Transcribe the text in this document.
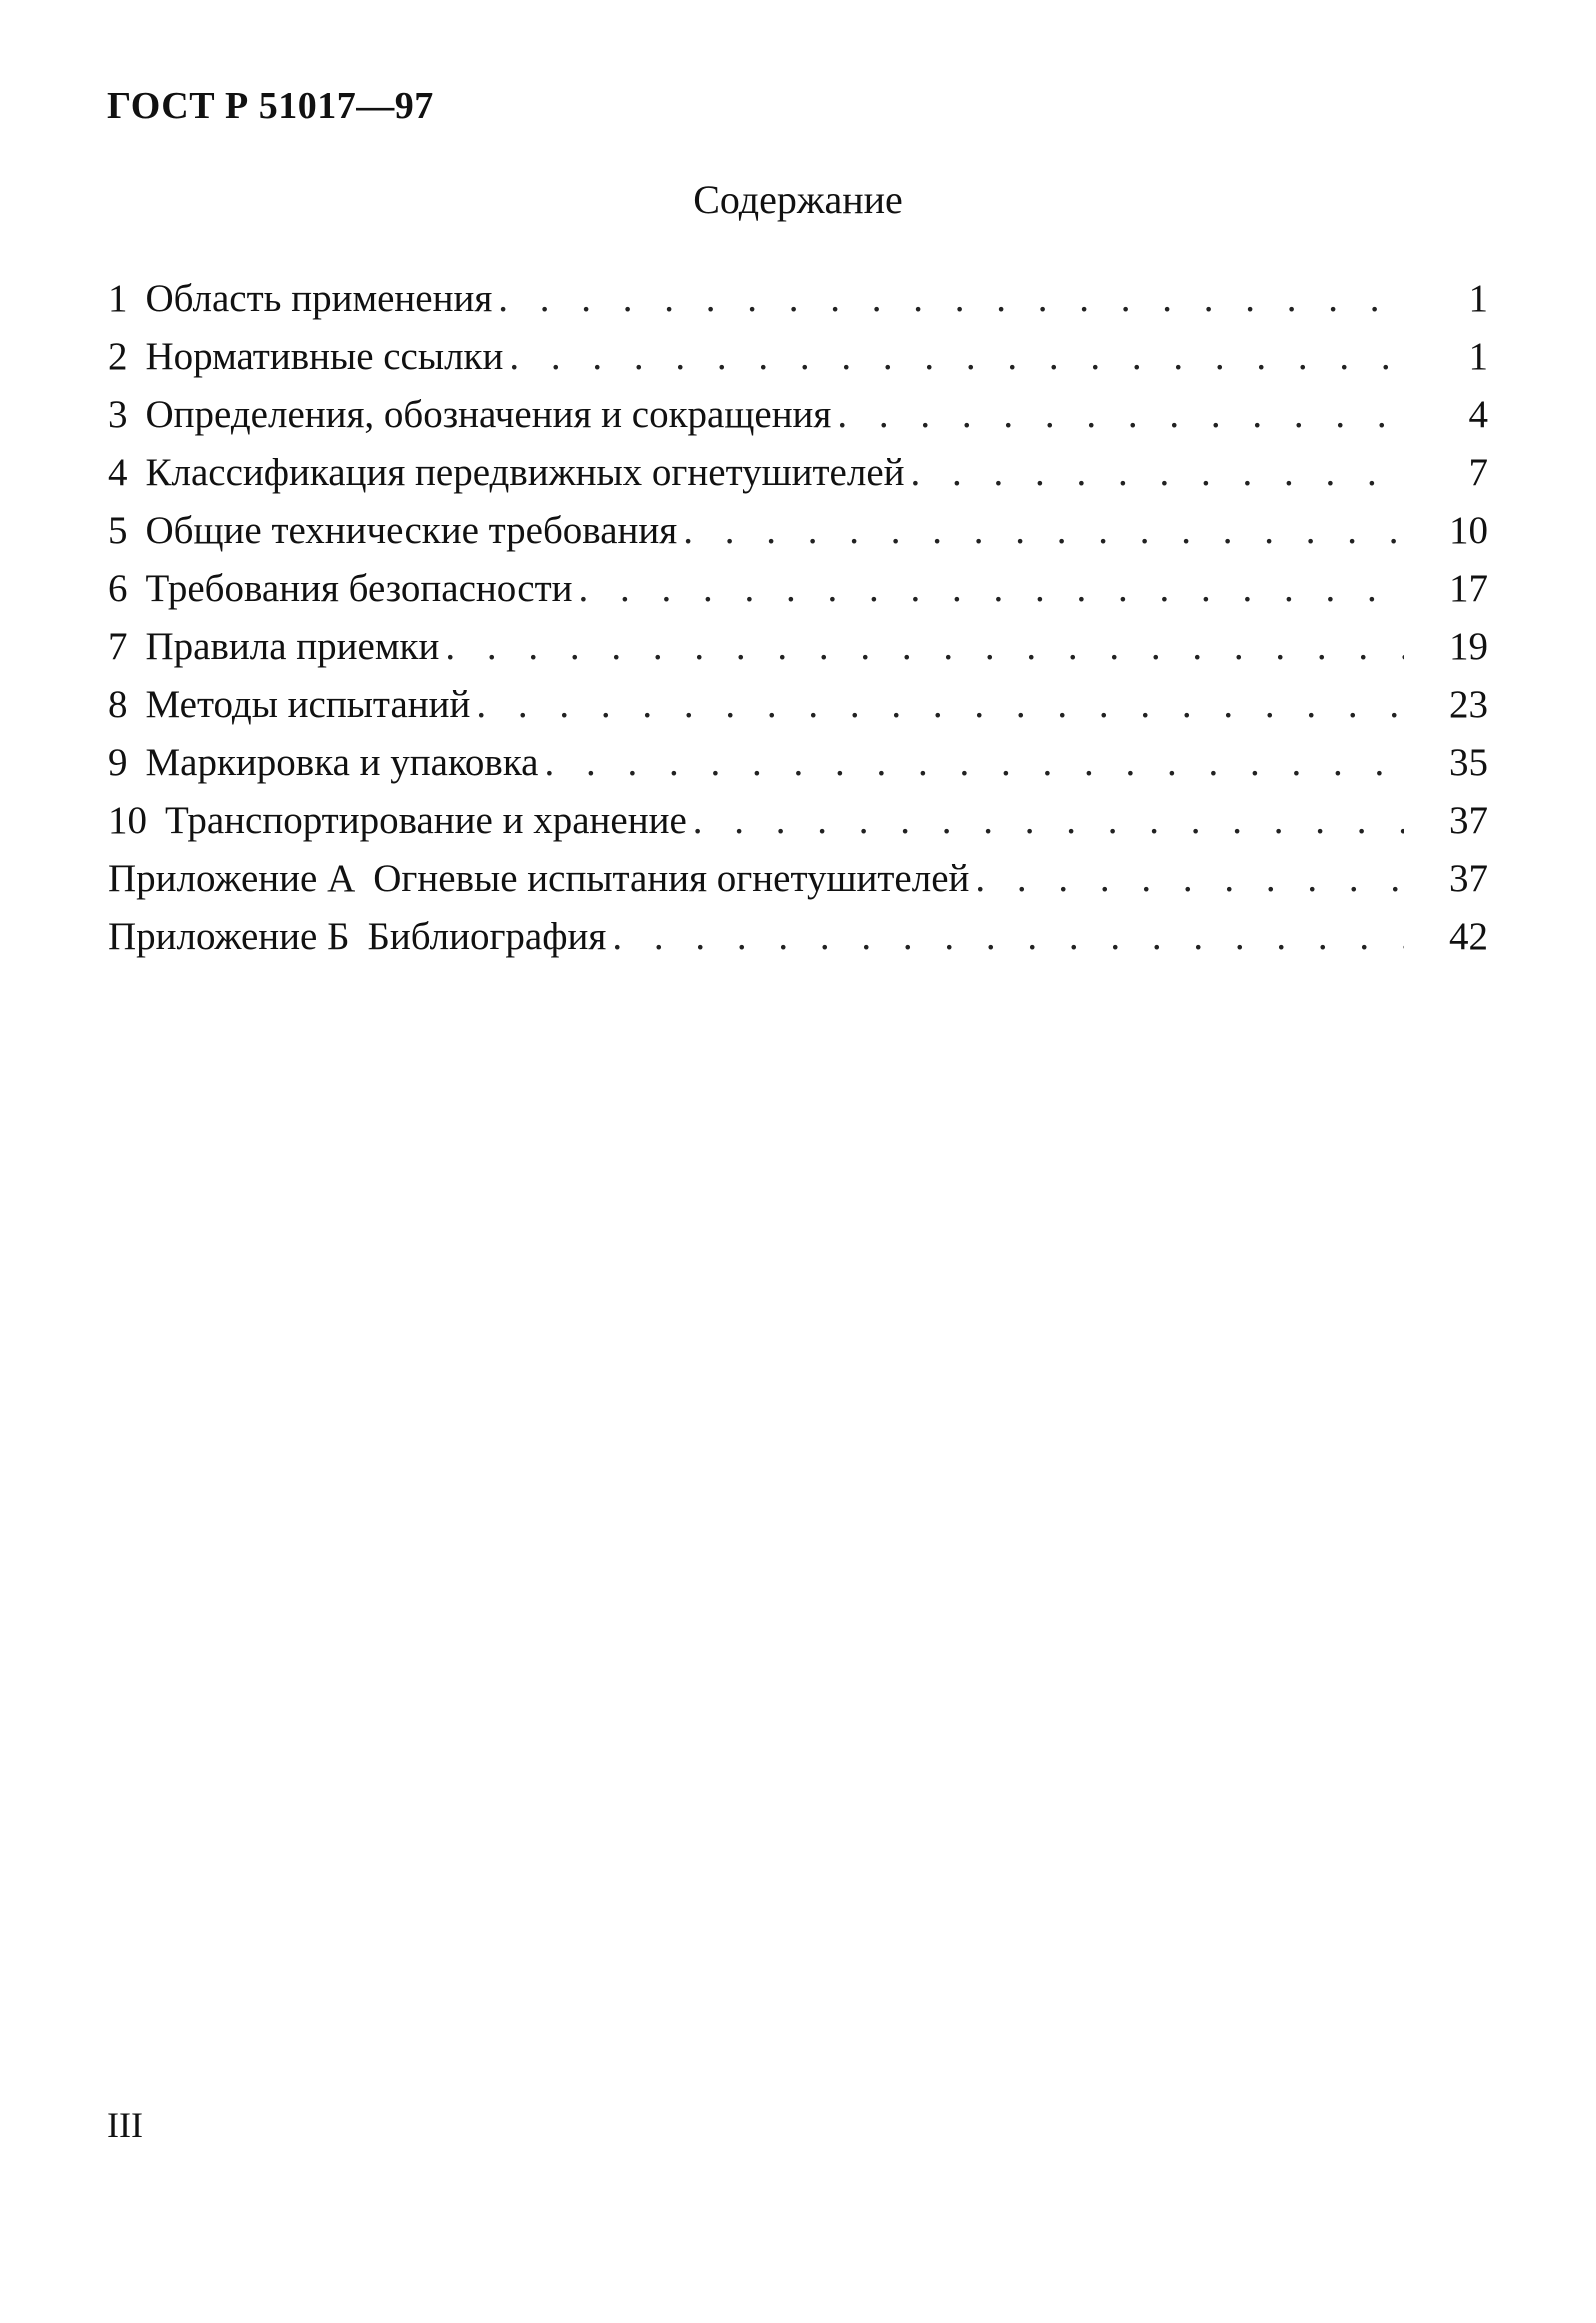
ГОСТ Р 51017—97
Содержание
1 Область применения . . .	1
2 Нормативные ссылки . . .	1
3 Определения, обозначения и сокращения . . .	4
4 Классификация передвижных огнетушителей . . .	7
5 Общие технические требования . . .	10
6 Требования безопасности . . .	17
7 Правила приемки . . .	19
8 Методы испытаний . . .	23
9 Маркировка и упаковка . . .	35
10 Транспортирование и хранение . . .	37
Приложение А Огневые испытания огнетушителей . . .	37
Приложение Б Библиография . . .	42
III
